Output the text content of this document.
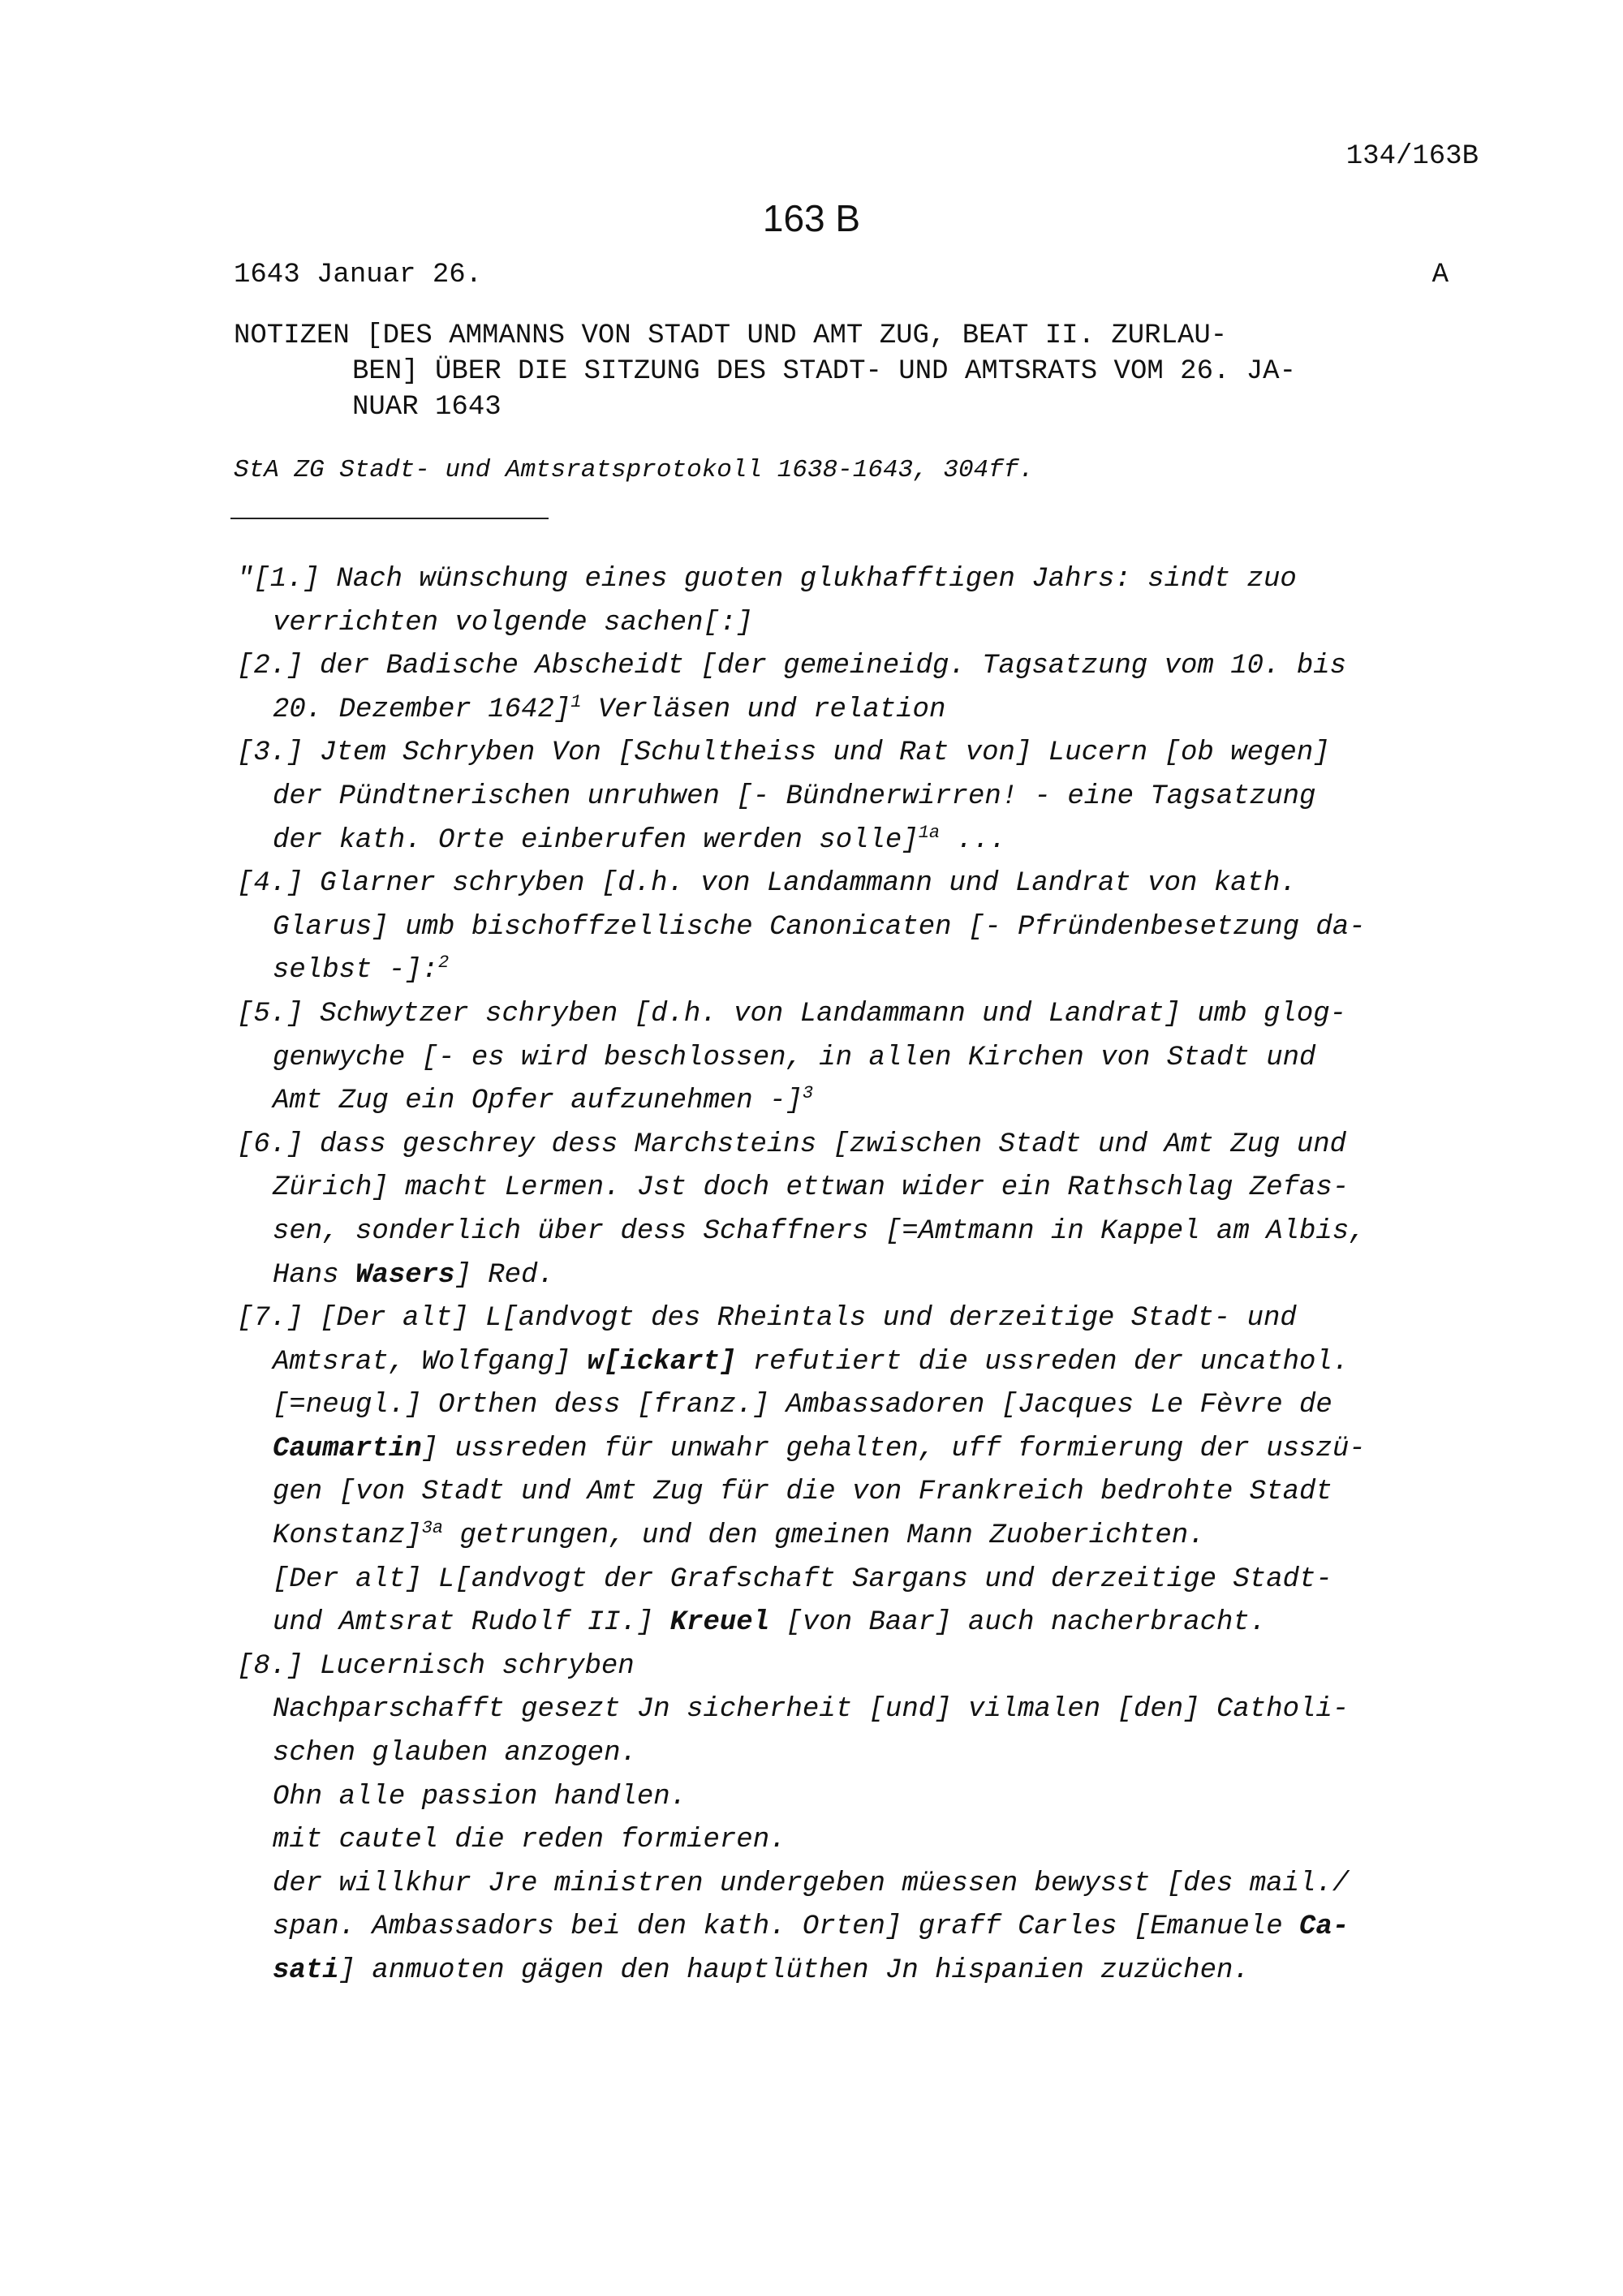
134/163B
163 B
1643 Januar 26.	A
NOTIZEN [DES AMMANNS VON STADT UND AMT ZUG, BEAT II. ZURLAU-
BEN] ÜBER DIE SITZUNG DES STADT- UND AMTSRATS VOM 26. JA-
NUAR 1643
StA ZG Stadt- und Amtsratsprotokoll 1638-1643, 304ff.
"[1.] Nach wünschung eines guoten glukhafftigen Jahrs: sindt zuo
verrichten volgende sachen[:]
[2.] der Badische Abscheidt [der gemeineidg. Tagsatzung vom 10. bis
20. Dezember 1642]$^1$ Verläsen und relation
[3.] Jtem Schryben Von [Schultheiss und Rat von] Lucern [ob wegen]
der Pündtnerischen unruhwen [- Bündnerwirren! - eine Tagsatzung
der kath. Orte einberufen werden solle]$^{1a}$ ...
[4.] Glarner schryben [d.h. von Landammann und Landrat von kath.
Glarus] umb bischoffzellische Canonicaten [- Pfründenbesetzung da-
selbst -]:$^2$
[5.] Schwytzer schryben [d.h. von Landammann und Landrat] umb glog-
genwyche [- es wird beschlossen, in allen Kirchen von Stadt und
Amt Zug ein Opfer aufzunehmen -]$^3$
[6.] dass geschrey dess Marchsteins [zwischen Stadt und Amt Zug und
Zürich] macht Lermen. Jst doch ettwan wider ein Rathschlag Zefas-
sen, sonderlich über dess Schaffners [=Amtmann in Kappel am Albis,
Hans Wasers] Red.
[7.] [Der alt] L[andvogt des Rheintals und derzeitige Stadt- und
Amtsrat, Wolfgang] w[ickart] refutiert die ussreden der uncathol.
[=neugl.] Orthen dess [franz.] Ambassadoren [Jacques Le Fèvre de
Caumartin] ussreden für unwahr gehalten, uff formierung der usszü-
gen [von Stadt und Amt Zug für die von Frankreich bedrohte Stadt
Konstanz]$^{3a}$ getrungen, und den gmeinen Mann Zuoberichten.
[Der alt] L[andvogt der Grafschaft Sargans und derzeitige Stadt-
und Amtsrat Rudolf II.] Kreuel [von Baar] auch nacherbracht.
[8.] Lucernisch schryben
Nachparschafft gesezt Jn sicherheit [und] vilmalen [den] Catholi-
schen glauben anzogen.
Ohn alle passion handlen.
mit cautel die reden formieren.
der willkhur Jre ministren undergeben müessen bewysst [des mail./
span. Ambassadors bei den kath. Orten] graff Carles [Emanuele Ca-
sati] anmuoten gägen den hauptlüthen Jn hispanien zuzüchen.
